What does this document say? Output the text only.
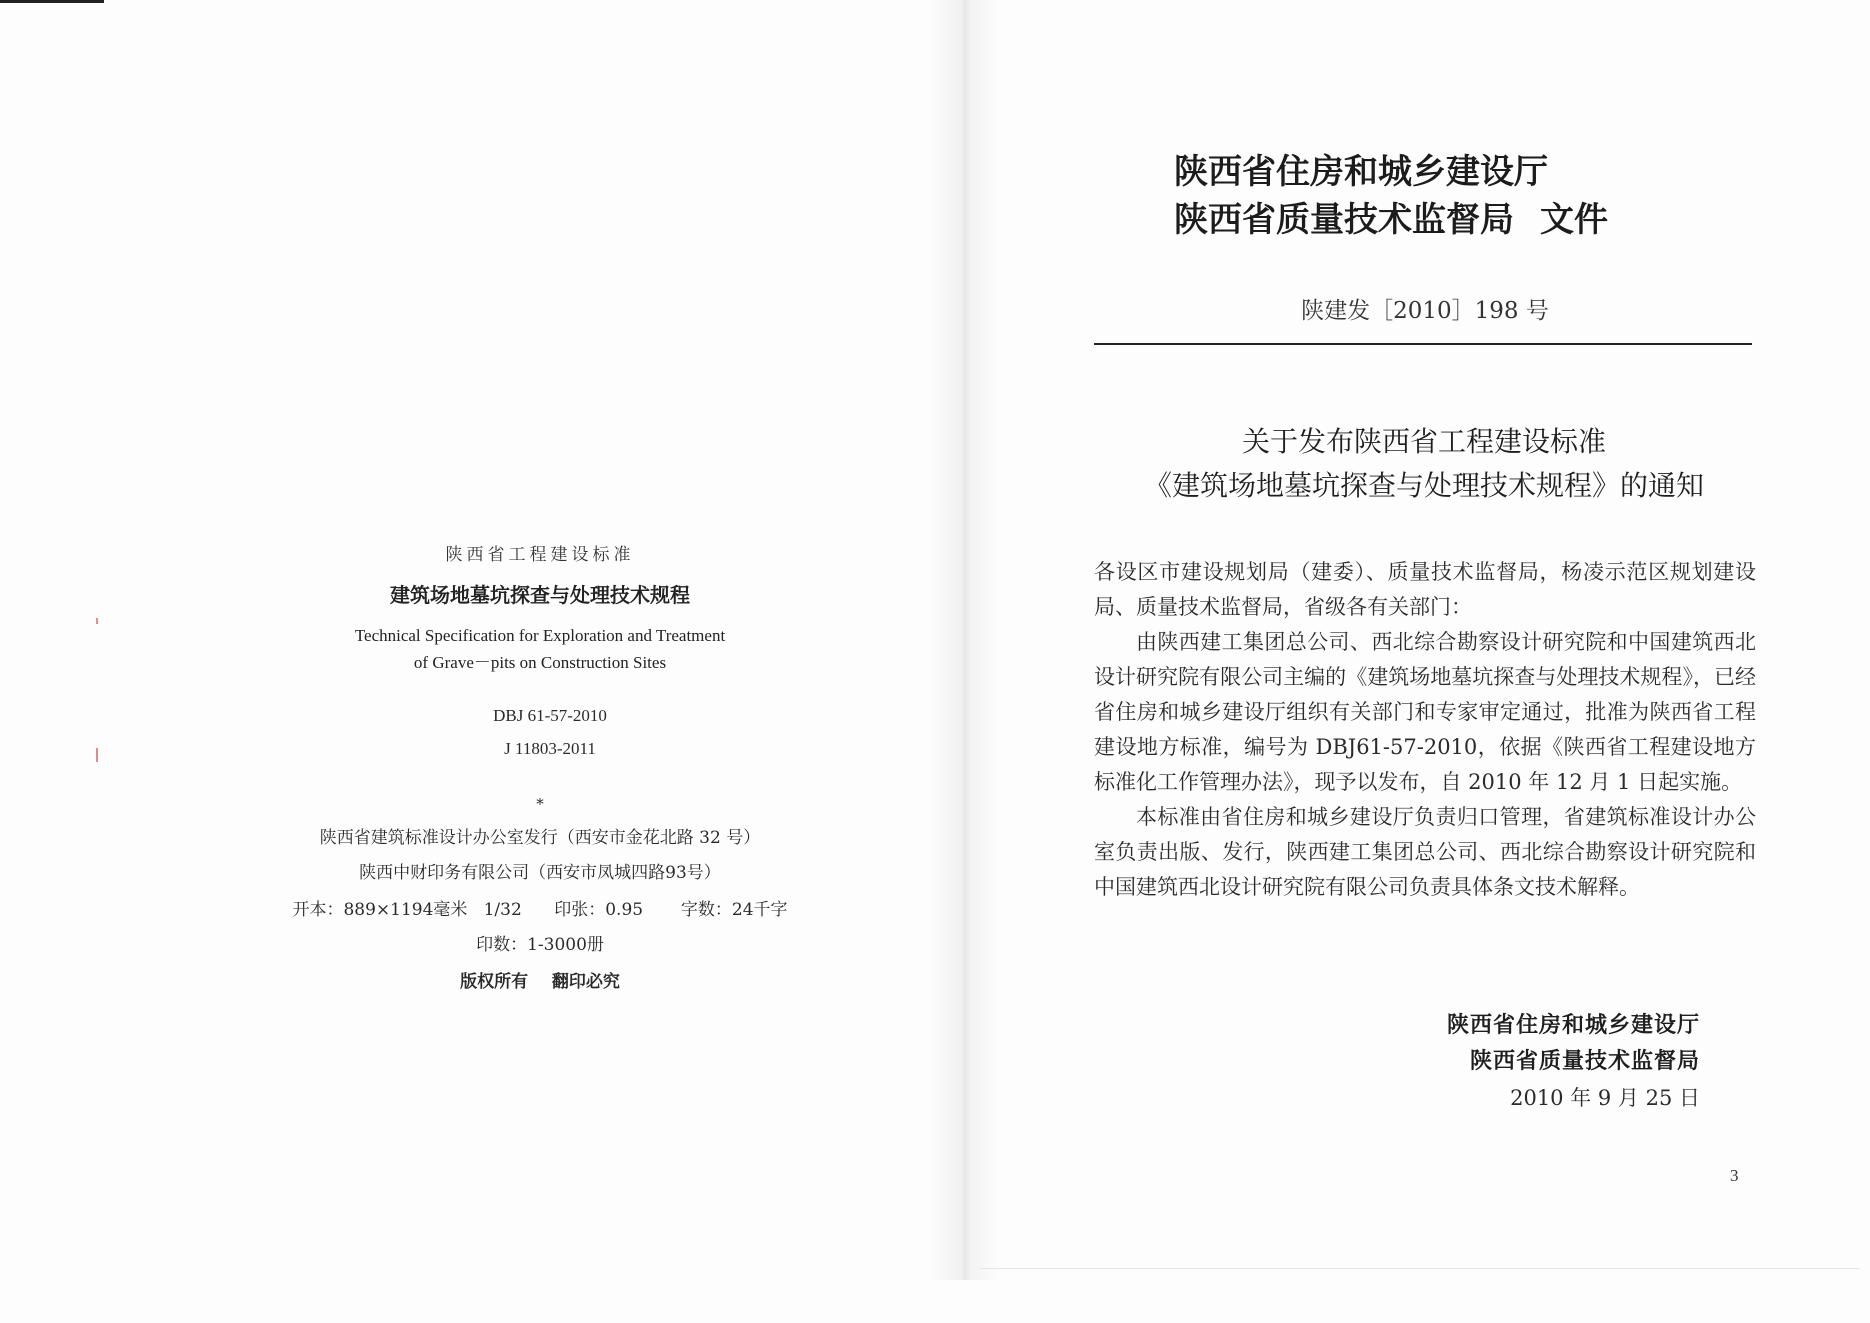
陕西省工程建设标准

建筑场地墓坑探查与处理技术规程

Technical Specification for Exploration and Treatment
of Grave－pits on Construction Sites
DBJ 61-57-2010
J 11803-2011
*
陕西省建筑标准设计办公室发行（西安市金花北路 32 号）
陕西中财印务有限公司（西安市凤城四路93号）
开本：889×1194毫米   1/32      印张：0.95       字数：24千字
印数：1-3000册
版权所有    翻印必究
陕西省住房和城乡建设厅
陕西省质量技术监督局 文件
陕建发［2010］198 号
关于发布陕西省工程建设标准
《建筑场地墓坑探查与处理技术规程》的通知

各设区市建设规划局（建委）、质量技术监督局，杨凌示范区规划建设局、质量技术监督局，省级各有关部门：

由陕西建工集团总公司、西北综合勘察设计研究院和中国建筑西北设计研究院有限公司主编的《建筑场地墓坑探查与处理技术规程》，已经省住房和城乡建设厅组织有关部门和专家审定通过，批准为陕西省工程建设地方标准，编号为 DBJ61-57-2010，依据《陕西省工程建设地方标准化工作管理办法》，现予以发布，自 2010 年 12 月 1 日起实施。

本标准由省住房和城乡建设厅负责归口管理，省建筑标准设计办公室负责出版、发行，陕西建工集团总公司、西北综合勘察设计研究院和中国建筑西北设计研究院有限公司负责具体条文技术解释。

陕西省住房和城乡建设厅
陕西省质量技术监督局
2010 年 9 月 25 日
3
